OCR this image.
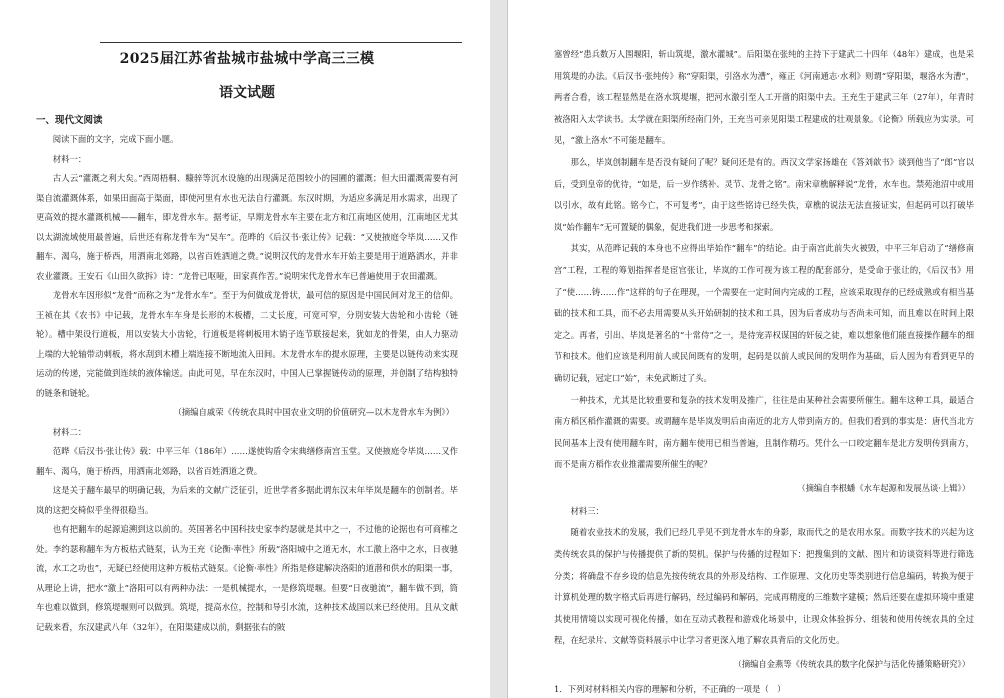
2025届江苏省盐城市盐城中学高三三模
语文试题
一、现代文阅读

阅读下面的文字，完成下面小题。

材料一：

古人云“灌溉之利大矣。”西周梧桐、糠骍等沉水设施的出现满足范围较小的园圃的灌溉；但大田灌溉需要有河渠自流灌溉体系，如果田面高于渠面，即使河里有水也无法自行灌溉。东汉时期，为适应多满足用水需求，出现了更高效的提水灌溉机械——翻车，即龙骨水车。据考证，早期龙骨水车主要在北方和江南地区使用，江南地区尤其以太湖流域使用最普遍，后世还有称龙骨车为“吴车”。范晔的《后汉书·张让传》记载：“又使掖庭令毕岚……又作翻车、渴乌，施于桥西，用洒南北郊路，以省百姓洒道之费。”说明汉代的龙骨水车开始主要是用于道路洒水，并非农业灌溉。王安石《山田久欲拆》诗：“龙骨已呕哑，田家真作苦。”说明宋代龙骨水车已普遍使用于农田灌溉。

龙骨水车因形似“龙骨”而称之为“龙骨水车”。至于为何做成龙骨状，最可信的原因是中国民间对龙王的信仰。王祯在其《农书》中记载，龙骨水车车身是长形的木板槽，二丈长度，可宽可窄，分別安装大齿轮和小齿轮（链轮）。槽中架设行道板，用以安装大小齿轮，行道板是将刺板用木销子连节联接起来，犹如龙的骨架，由人力驱动上端的大轮轴带动刺板，将水刮到木槽上端连接不断地流入田间。木龙骨水车的提水原理，主要是以链传动来实现运动的传递，完能做到连续的液体输送。由此可见，早在东汉时，中国人已掌握链传动的原理，并创制了结构独特的链条和链轮。

（摘编自戚荣《传统农具时中国农业文明的价值研究—以木龙骨水车为例》）

材料二：

范晔《后汉书·张让传》载：中平三年（186年）……遂使钩盾令宋典缮修南宫玉堂。又使掖庭令毕岚……又作翻车、渴乌，施于桥西，用洒南北郊路，以省百姓洒道之费。

这是关于翻车最早的明确记载，为后来的文献广泛征引，近世学者多据此谓东汉末年毕岚是翻车的创制者。毕岚的这把交椅似乎坐得很稳当。

也有把翻车的起源追溯到这以前的。英国著名中国科技史家李约瑟就是其中之一，不过他的论据也有可商榷之处。李约瑟称翻车为方板枯式链泵，认为王充《论衡·率性》所载“洛阳城中之道无水，水工激上洛中之水，日夜驰流，水工之功也”，无疑已经使用这种方板枯式链泵。《论衡·率性》所指是修建解决洛阳的道潜和供水的阳渠一事，从理论上讲，把水“激上”洛阳可以有两种办法：一是机械提水，一是修筑堤堰。但要“日夜驰流”，翻车做不到，筒车也难以做到，修筑堤堰则可以做到。筑堤，提高水位，控制和导引水流，这种技术战国以来已经使用。且从文献记载来看，东汉建武八年（32年），在阳渠建成以前，剩据张右的陂

塞曾经“患兵数万人围堰阳，斩山筑堤，激水灌城”。后阳渠在张纯的主持下于建武二十四年（48年）建成，也是采用筑堤的办法。《后汉书·张纯传》称“穿阳渠，引洛水为漕”，雍正《河南通志·水利》则谓“穿阳渠，堰洛水为漕”，两者合看，该工程显然是在洛水筑堤堰，把河水激引至人工开凿的阳渠中去。王充生于建武三年（27年），年青时被洛阳入太学读书。太学就在阳渠所经南门外，王充当可亲见阳渠工程建成的壮观景象。《论衡》所载应为实录。可见，“激上洛水”不可能是翻车。

那么，毕岚创制翻车是否没有疑问了呢？疑问还是有的。西汉文学家扬雄在《答刘歆书》谈到他当了“郎”官以后，受到皇帝的优待，“如是，后一岁作绣补、灵节、龙骨之铭”。南宋章樵解释说“龙骨，水车也。禁苑池沼中或用以引水，故有此铭。铭今亡，不可复考”，由于这些铭诗已经失佚，章樵的说法无法直接证实，但起码可以打破毕岚“始作翻车”无可置疑的偶象，促进我们进一步思考和探索。

其实，从范晔记载的本身也不应得出毕始作“翻车”的结论。由于南宫此前失火被毁，中平三年启动了“缮修南宫”工程，工程的筹划指挥者是宦官张让，毕岚的工作可视为该工程的配套部分，是受命于张让的，《后汉书》用了“使……铸……作”这样的句子在理现，一个需要在一定时间内完成的工程，应该采取现存的已经成熟或有相当基础的技术和工具，而不必去用需要从头开始研制的技术和工具，因为后者成功与否尚未可知，而且难以在时间上限定之。再者，引出、毕岚是著名的“十常侍”之一，是待宠弄权谋国的奸佞之徒，难以想象他们能直接操作翻车的细节和技术。他们应该是利用前人或民间既有的发明，起码是以前人或民间的发明作为基础，后人因为有看到更早的确切记载，冠定口“始”，未免武断过了头。

一种技术，尤其是比较重要和复杂的技术发明及推广，往往是由某种社会需要所催生。翻车这种工具，最适合南方稻区稻作灌溉的需要。或谓翻车是毕岚发明后由南近的北方人带到南方的。但我们看到的事实是：唐代当北方民间基本上没有使用翻车时，南方翻车使用已相当普遍，且制作精巧。凭什么一口咬定翻车是北方发明传到南方，而不是南方稻作农业推灌需要所催生的呢？

（摘编自李根蟠《水车起源和发展丛谈·上辑》）

材料三：

随着农业技术的发展，我们已经几乎见不到龙骨水车的身影，取而代之的是农用水泵。而数字技术的兴起为这类传统农具的保护与传播提供了新的契机。保护与传播的过程如下：把搜集到的文献、图片和访谈资料等进行筛选分类；将确盘不存乡设的信息先按传统农具的外形及结构、工作原理、文化历史等类别进行信息编码，转换为便于计算机处理的数字格式后再进行解码，经过编码和解码，完成再精度的三维数字建模；然后还要在虚拟环境中重建其使用情境以实现可视化传播，如在互动式教程和游戏化场景中，让现众体验拆分、组装和使用传统农具的全过程，在纪录片、文献等资料展示中让学习者更深入地了解农具背后的文化历史。

（摘编自金燕等《传统农具的数字化保护与活化传播策略研究》）

1．下列对材料相关内容的理解和分析，不正确的一项是（　）
